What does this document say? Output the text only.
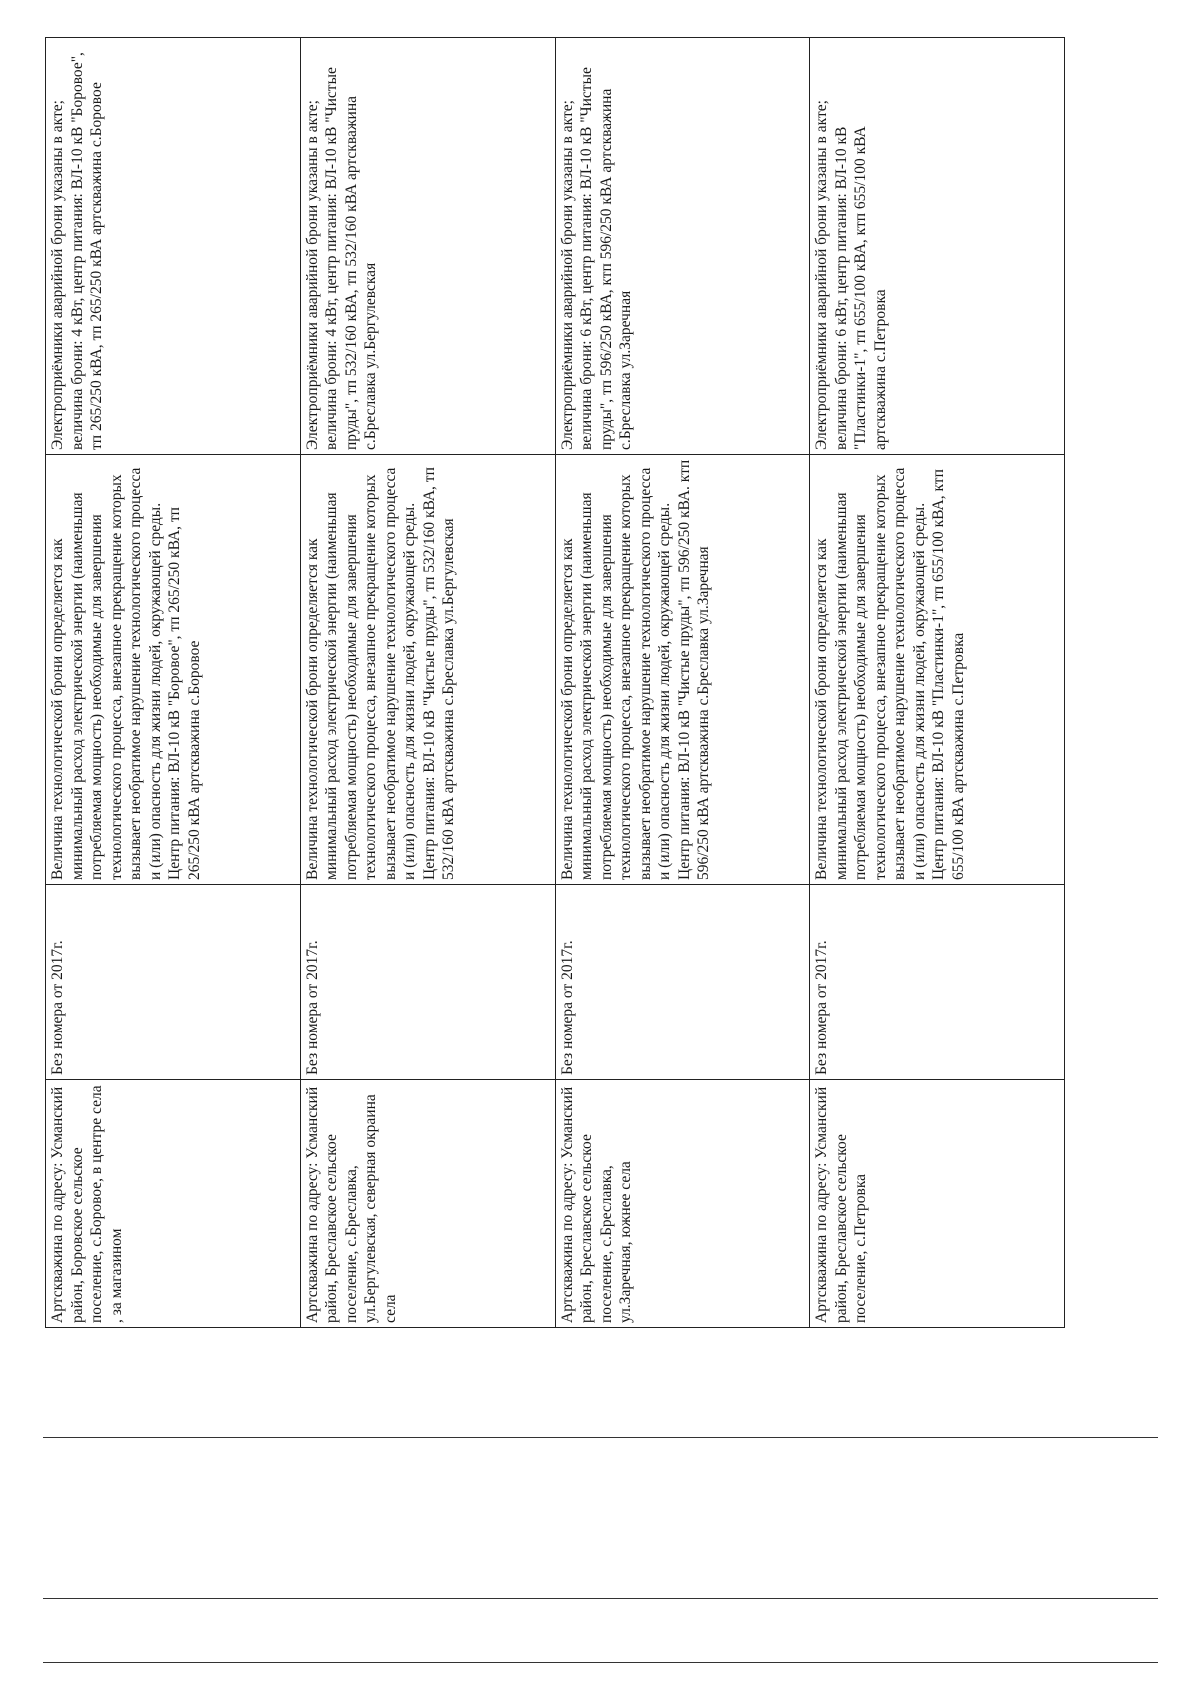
Артскважина по адресу: Усманский район, Боровское сельское поселение, с.Боровое, в центре села , за магазином	Без номера от 2017г.	Величина технологической брони определяется как минимальный расход электрической энергии (наименьшая потребляемая мощность) необходимые для завершения технологического процесса, внезапное прекращение которых вызывает необратимое нарушение технологического процесса и (или) опасность для жизни людей, окружающей среды. Центр питания: ВЛ-10 кВ "Боровое", тп 265/250 кВА, тп 265/250 кВА артскважина с.Боровое	Электроприёмники аварийной брони указаны в акте; величина брони: 4 кВт, центр питания: ВЛ-10 кВ "Боровое", тп 265/250 кВА, тп 265/250 кВА артскважина с.Боровое
Артскважина по адресу: Усманский район, Бреславское сельское поселение, с.Бреславка, ул.Бергулевская, северная окраина села	Без номера от 2017г.	Величина технологической брони определяется как минимальный расход электрической энергии (наименьшая потребляемая мощность) необходимые для завершения технологического процесса, внезапное прекращение которых вызывает необратимое нарушение технологического процесса и (или) опасность для жизни людей, окружающей среды. Центр питания: ВЛ-10 кВ "Чистые пруды", тп 532/160 кВА, тп 532/160 кВА артскважина с.Бреславка ул.Бергулевская	Электроприёмники аварийной брони указаны в акте; величина брони: 4 кВт, центр питания: ВЛ-10 кВ "Чистые пруды", тп 532/160 кВА, тп 532/160 кВА артскважина с.Бреславка ул.Бергулевская
Артскважина по адресу: Усманский район, Бреславское сельское поселение, с.Бреславка, ул.Заречная, южнее села	Без номера от 2017г.	Величина технологической брони определяется как минимальный расход электрической энергии (наименьшая потребляемая мощность) необходимые для завершения технологического процесса, внезапное прекращение которых вызывает необратимое нарушение технологического процесса и (или) опасность для жизни людей, окружающей среды. Центр питания: ВЛ-10 кВ "Чистые пруды", тп 596/250 кВА. ктп 596/250 кВА артскважина с.Бреславка ул.Заречная	Электроприёмники аварийной брони указаны в акте; величина брони: 6 кВт, центр питания: ВЛ-10 кВ "Чистые пруды", тп 596/250 кВА, ктп 596/250 кВА артскважина с.Бреславка ул.Заречная
Артскважина по адресу: Усманский район, Бреславское сельское поселение, с.Петровка	Без номера от 2017г.	Величина технологической брони определяется как минимальный расход электрической энергии (наименьшая потребляемая мощность) необходимые для завершения технологического процесса, внезапное прекращение которых вызывает необратимое нарушение технологического процесса и (или) опасность для жизни людей, окружающей среды. Центр питания: ВЛ-10 кВ "Пластинки-1", тп 655/100 кВА, ктп 655/100 кВА артскважина с.Петровка	Электроприёмники аварийной брони указаны в акте; величина брони: 6 кВт, центр питания: ВЛ-10 кВ "Пластинки-1", тп 655/100 кВА, ктп 655/100 кВА артскважина с.Петровка
